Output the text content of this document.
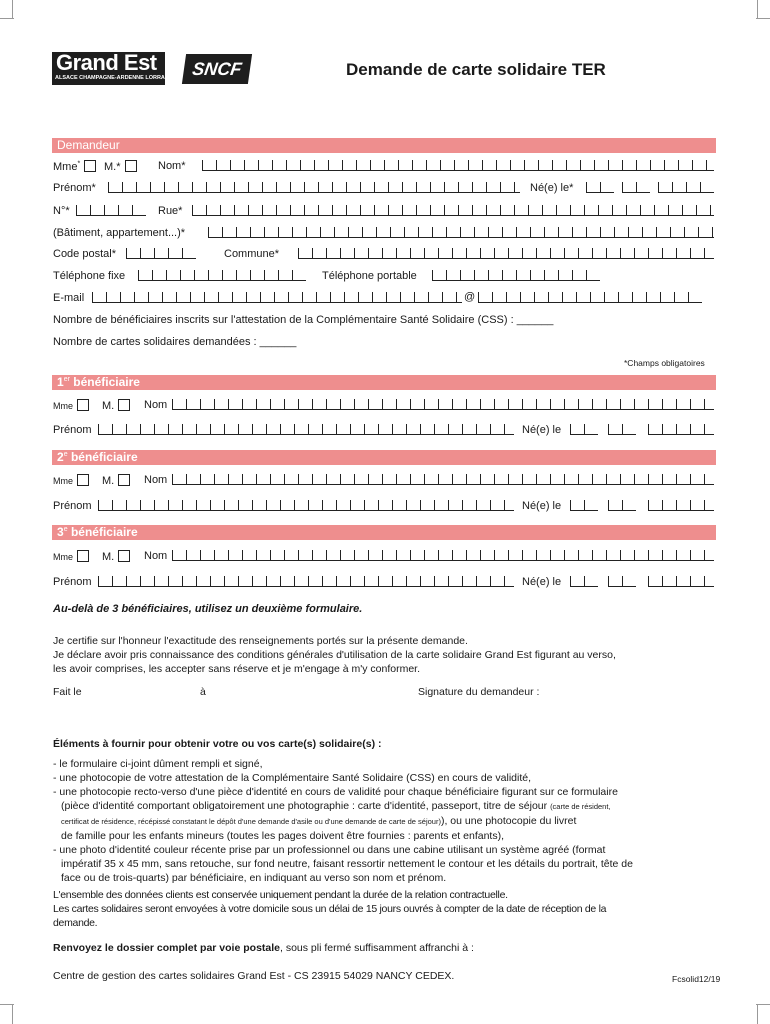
Grand Est
ALSACE CHAMPAGNE-ARDENNE LORRAINE SNCF	Demande de carte solidaire TER
Demandeur
Mme*	M.*	Nom*
Prénom*	Né(e) le*
N°*	Rue*
(Bâtiment, appartement...)*
Code postal*	Commune*
Téléphone fixe	Téléphone portable
E-mail	@
Nombre de bénéficiaires inscrits sur l'attestation de la Complémentaire Santé Solidaire (CSS) : ______
Nombre de cartes solidaires demandées : ______
*Champs obligatoires
1er bénéficiaire
Mme	M.	Nom
Prénom	Né(e) le
2e bénéficiaire
Mme	M.	Nom
Prénom	Né(e) le
3e bénéficiaire
Mme	M.	Nom
Prénom	Né(e) le
Au-delà de 3 bénéficiaires, utilisez un deuxième formulaire.

Je certifie sur l'honneur l'exactitude des renseignements portés sur la présente demande.
Je déclare avoir pris connaissance des conditions générales d'utilisation de la carte solidaire Grand Est figurant au verso,
les avoir comprises, les accepter sans réserve et je m'engage à m'y conformer.

Fait le	à	Signature du demandeur :
Éléments à fournir pour obtenir votre ou vos carte(s) solidaire(s) :
- le formulaire ci-joint dûment rempli et signé,
- une photocopie de votre attestation de la Complémentaire Santé Solidaire (CSS) en cours de validité,
- une photocopie recto-verso d'une pièce d'identité en cours de validité pour chaque bénéficiaire figurant sur ce formulaire
(pièce d'identité comportant obligatoirement une photographie : carte d'identité, passeport, titre de séjour (carte de résident,
certificat de résidence, récépissé constatant le dépôt d'une demande d'asile ou d'une demande de carte de séjour)), ou une photocopie du livret
de famille pour les enfants mineurs (toutes les pages doivent être fournies : parents et enfants),
- une photo d'identité couleur récente prise par un professionnel ou dans une cabine utilisant un système agréé (format
impératif 35 x 45 mm, sans retouche, sur fond neutre, faisant ressortir nettement le contour et les détails du portrait, tête de
face ou de trois-quarts) par bénéficiaire, en indiquant au verso son nom et prénom.

L'ensemble des données clients est conservée uniquement pendant la durée de la relation contractuelle.
Les cartes solidaires seront envoyées à votre domicile sous un délai de 15 jours ouvrés à compter de la date de réception de la
demande.

Renvoyez le dossier complet par voie postale, sous pli fermé suffisamment affranchi à :
Centre de gestion des cartes solidaires Grand Est - CS 23915 54029 NANCY CEDEX.	Fcsolid12/19
